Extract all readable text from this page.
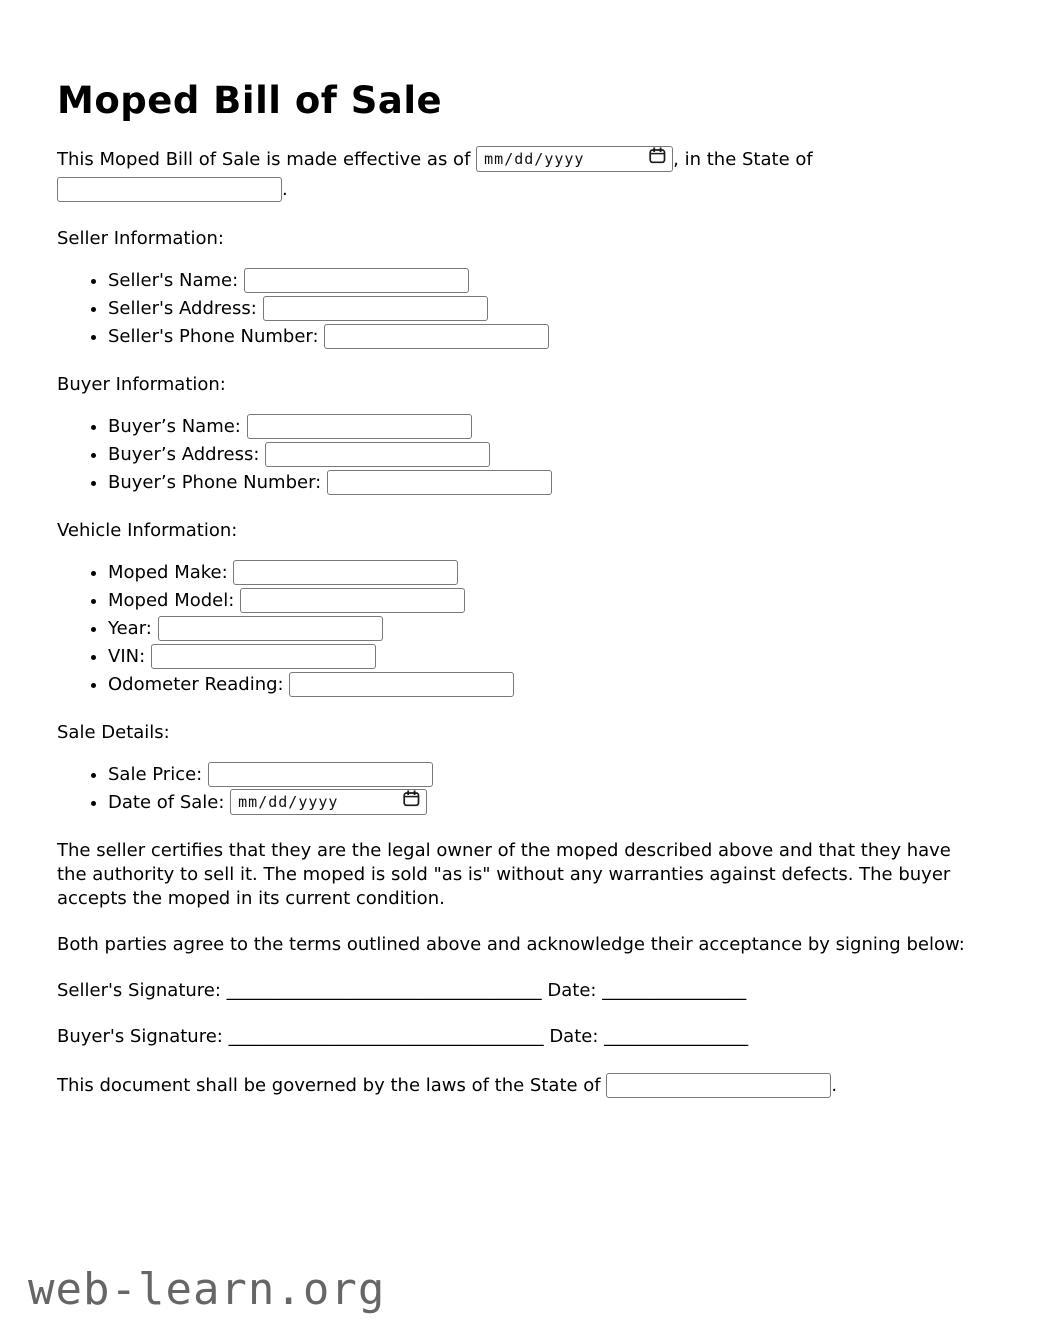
Moped Bill of Sale

This Moped Bill of Sale is made effective as of mm/dd/yyyy	, in the State of .

Seller Information:

• Seller's Name:
• Seller's Address:
• Seller's Phone Number:

Buyer Information:

• Buyer’s Name:
• Buyer’s Address:
• Buyer’s Phone Number:

Vehicle Information:

• Moped Make:
• Moped Model:
• Year:
• VIN:
• Odometer Reading:

Sale Details:

• Sale Price:
• Date of Sale: mm/dd/yyyy

The seller certifies that they are the legal owner of the moped described above and that they have the authority to sell it. The moped is sold "as is" without any warranties against defects. The buyer accepts the moped in its current condition.

Both parties agree to the terms outlined above and acknowledge their acceptance by signing below:

Seller's Signature: ___________________________________ Date: ________________

Buyer's Signature: ___________________________________ Date: ________________

This document shall be governed by the laws of the State of	.

web-learn.org
